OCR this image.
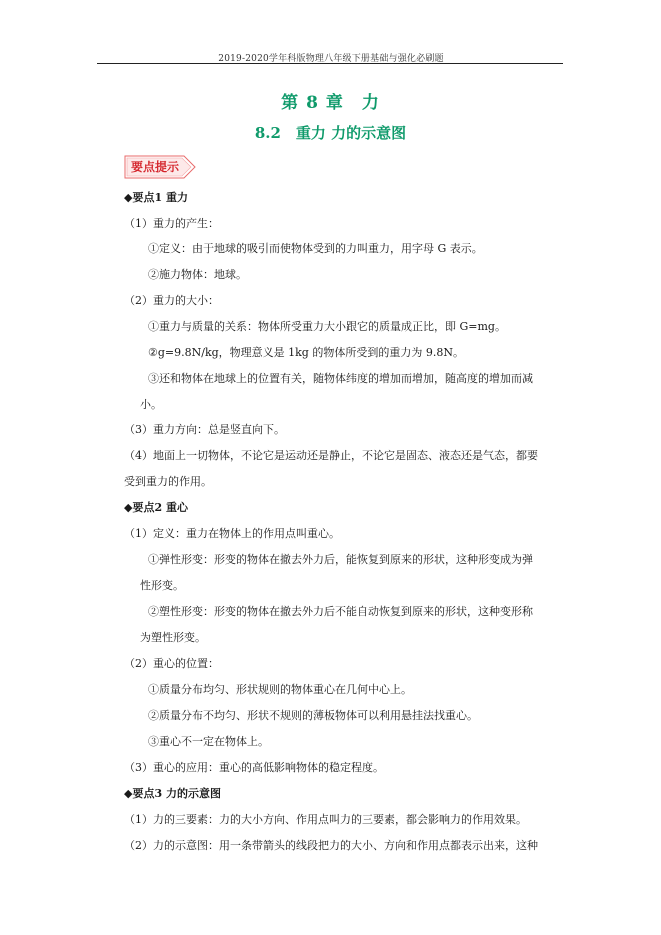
2019-2020学年科版物理八年级下册基础与强化必刷题
第 8 章　力
8.2　重力 力的示意图
要点提示
◆要点1 重力
（1）重力的产生：
①定义：由于地球的吸引而使物体受到的力叫重力，用字母 G 表示。
②施力物体：地球。
（2）重力的大小：
①重力与质量的关系：物体所受重力大小跟它的质量成正比，即 G=mg。
②g=9.8N/kg，物理意义是 1kg 的物体所受到的重力为 9.8N。
③还和物体在地球上的位置有关，随物体纬度的增加而增加，随高度的增加而减
小。
（3）重力方向：总是竖直向下。
（4）地面上一切物体，不论它是运动还是静止，不论它是固态、液态还是气态，都要
受到重力的作用。
◆要点2 重心
（1）定义：重力在物体上的作用点叫重心。
①弹性形变：形变的物体在撤去外力后，能恢复到原来的形状，这种形变成为弹
性形变。
②塑性形变：形变的物体在撤去外力后不能自动恢复到原来的形状，这种变形称
为塑性形变。
（2）重心的位置：
①质量分布均匀、形状规则的物体重心在几何中心上。
②质量分布不均匀、形状不规则的薄板物体可以利用悬挂法找重心。
③重心不一定在物体上。
（3）重心的应用：重心的高低影响物体的稳定程度。
◆要点3 力的示意图
（1）力的三要素：力的大小方向、作用点叫力的三要素，都会影响力的作用效果。
（2）力的示意图：用一条带箭头的线段把力的大小、方向和作用点都表示出来，这种
